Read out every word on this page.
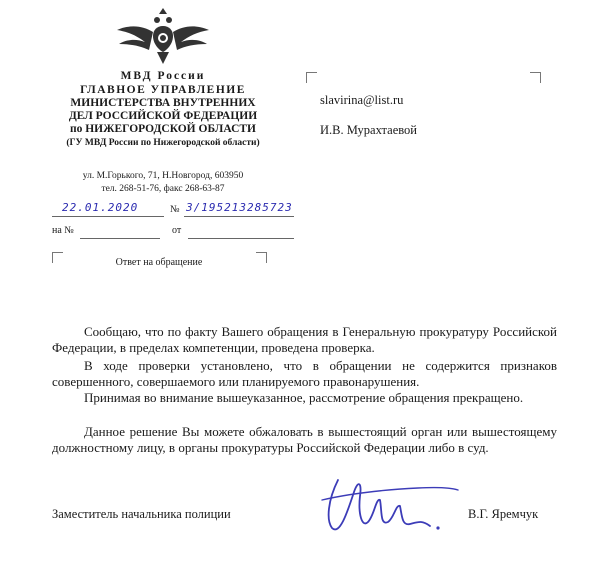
МВД России
ГЛАВНОЕ УПРАВЛЕНИЕ
МИНИСТЕРСТВА ВНУТРЕННИХ
ДЕЛ РОССИЙСКОЙ ФЕДЕРАЦИИ
по НИЖЕГОРОДСКОЙ ОБЛАСТИ
(ГУ МВД России по Нижегородской области)
ул. М.Горького, 71, Н.Новгород, 603950
тел. 268-51-76, факс 268-63-87
22.01.2020	№ 3/195213285723
на №	от
Ответ на обращение
slavirina@list.ru
И.В. Мурахтаевой
Сообщаю, что по факту Вашего обращения в Генеральную прокуратуру Российской Федерации, в пределах компетенции, проведена проверка.
В ходе проверки установлено, что в обращении не содержится признаков совершенного, совершаемого или планируемого правонарушения.
Принимая во внимание вышеуказанное, рассмотрение обращения прекращено.
Данное решение Вы можете обжаловать в вышестоящий орган или вышестоящему должностному лицу, в органы прокуратуры Российской Федерации либо в суд.
Заместитель начальника полиции	В.Г. Яремчук
